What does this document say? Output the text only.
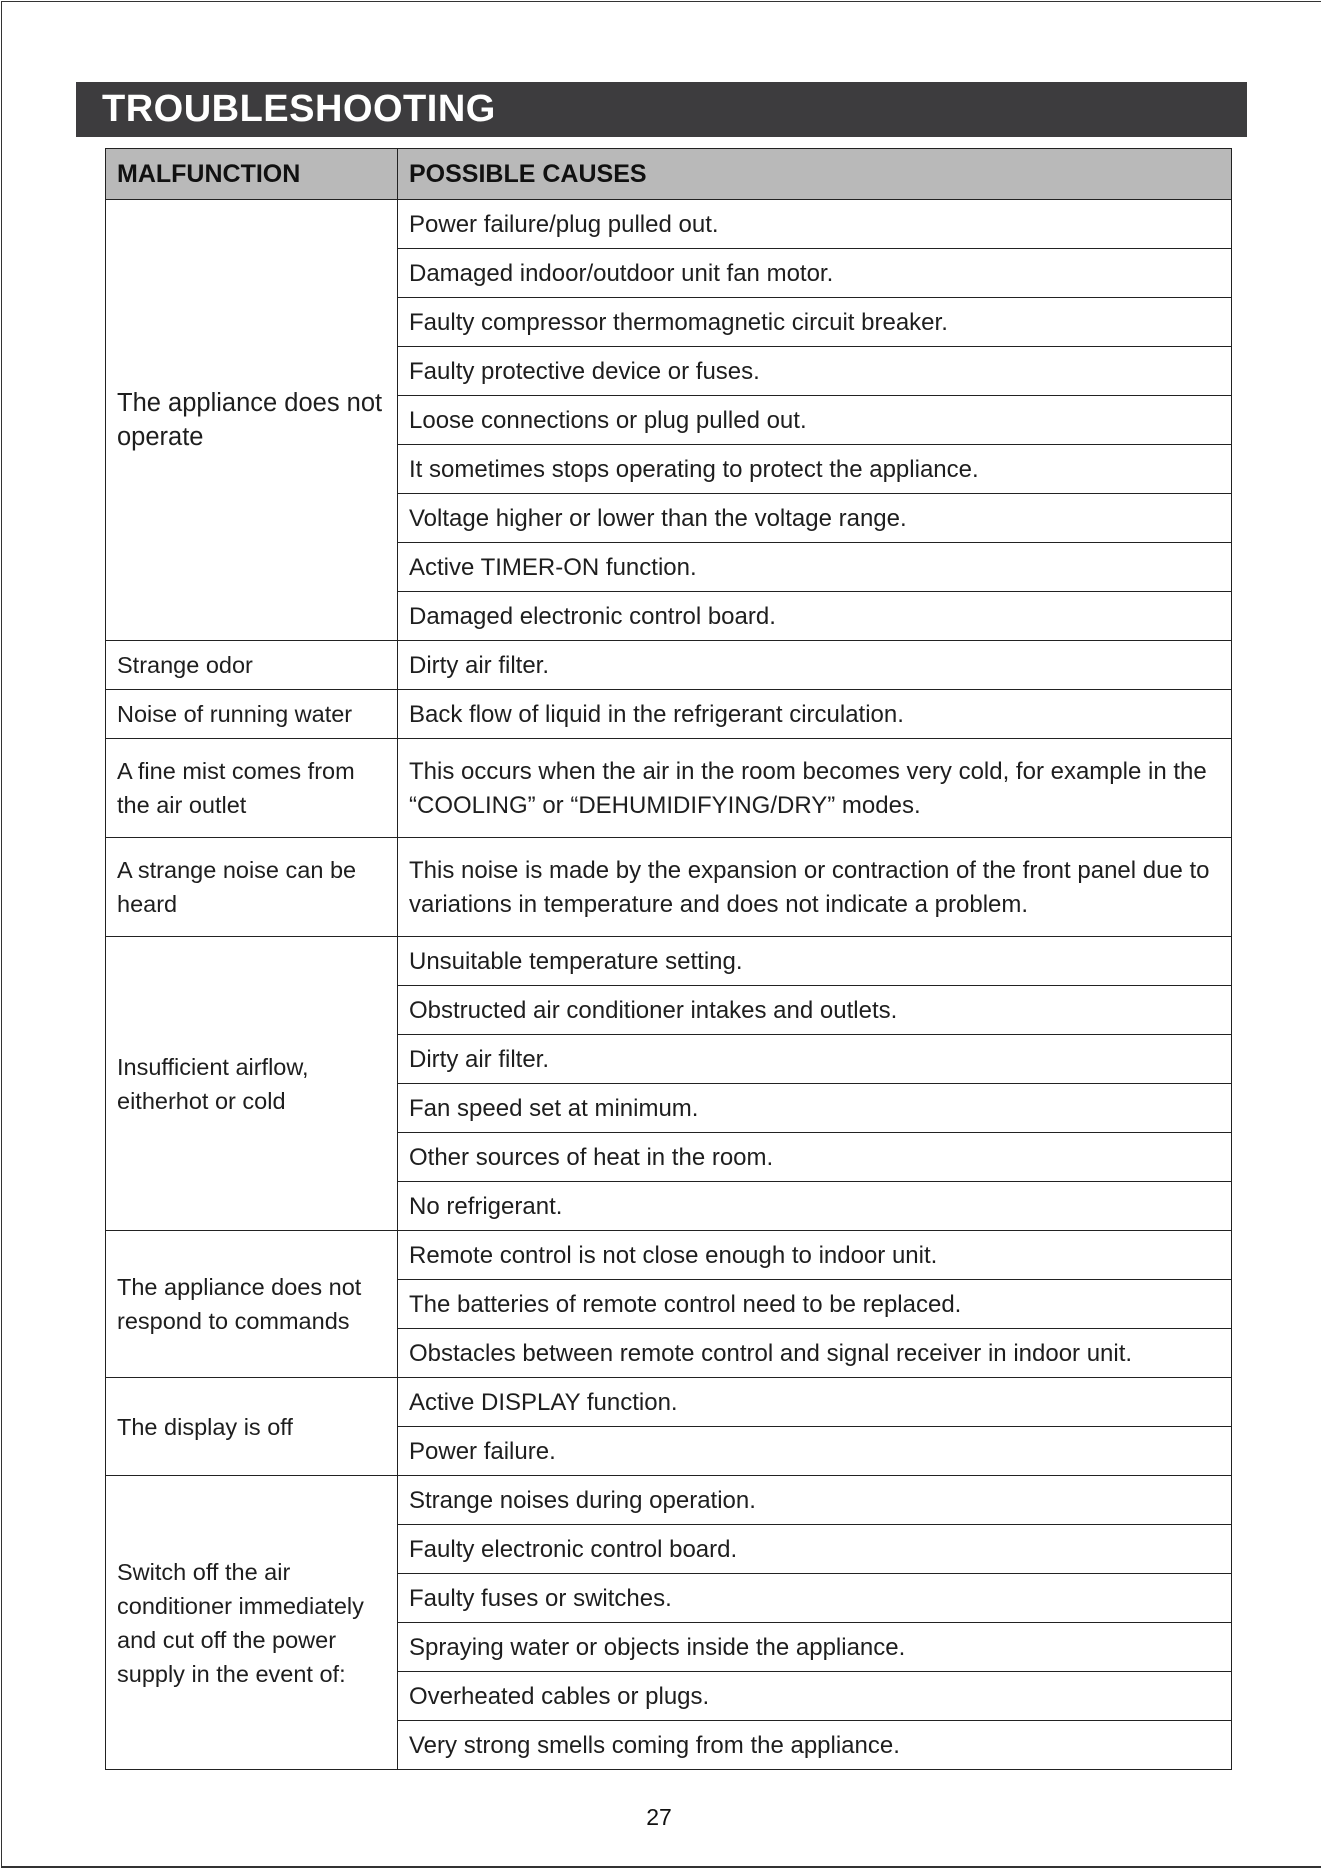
TROUBLESHOOTING
MALFUNCTION	POSSIBLE CAUSES
The appliance does not operate	Power failure/plug pulled out.
	Damaged indoor/outdoor unit fan motor.
	Faulty compressor thermomagnetic circuit breaker.
	Faulty protective device or fuses.
	Loose connections or plug pulled out.
	It sometimes stops operating to protect the appliance.
	Voltage higher or lower than the voltage range.
	Active TIMER-ON function.
	Damaged electronic control board.
Strange odor	Dirty air filter.
Noise of running water	Back flow of liquid in the refrigerant circulation.
A fine mist comes from the air outlet	This occurs when the air in the room becomes very cold, for example in the “COOLING” or “DEHUMIDIFYING/DRY” modes.
A strange noise can be heard	This noise is made by the expansion or contraction of the front panel due to variations in temperature and does not indicate a problem.
Insufficient airflow, eitherhot or cold	Unsuitable temperature setting.
	Obstructed air conditioner intakes and outlets.
	Dirty air filter.
	Fan speed set at minimum.
	Other sources of heat in the room.
	No refrigerant.
The appliance does not respond to commands	Remote control is not close enough to indoor unit.
	The batteries of remote control need to be replaced.
	Obstacles between remote control and signal receiver in indoor unit.
The display is off	Active DISPLAY function.
	Power failure.
Switch off the air conditioner immediately and cut off the power supply in the event of:	Strange noises during operation.
	Faulty electronic control board.
	Faulty fuses or switches.
	Spraying water or objects inside the appliance.
	Overheated cables or plugs.
	Very strong smells coming from the appliance.
27
